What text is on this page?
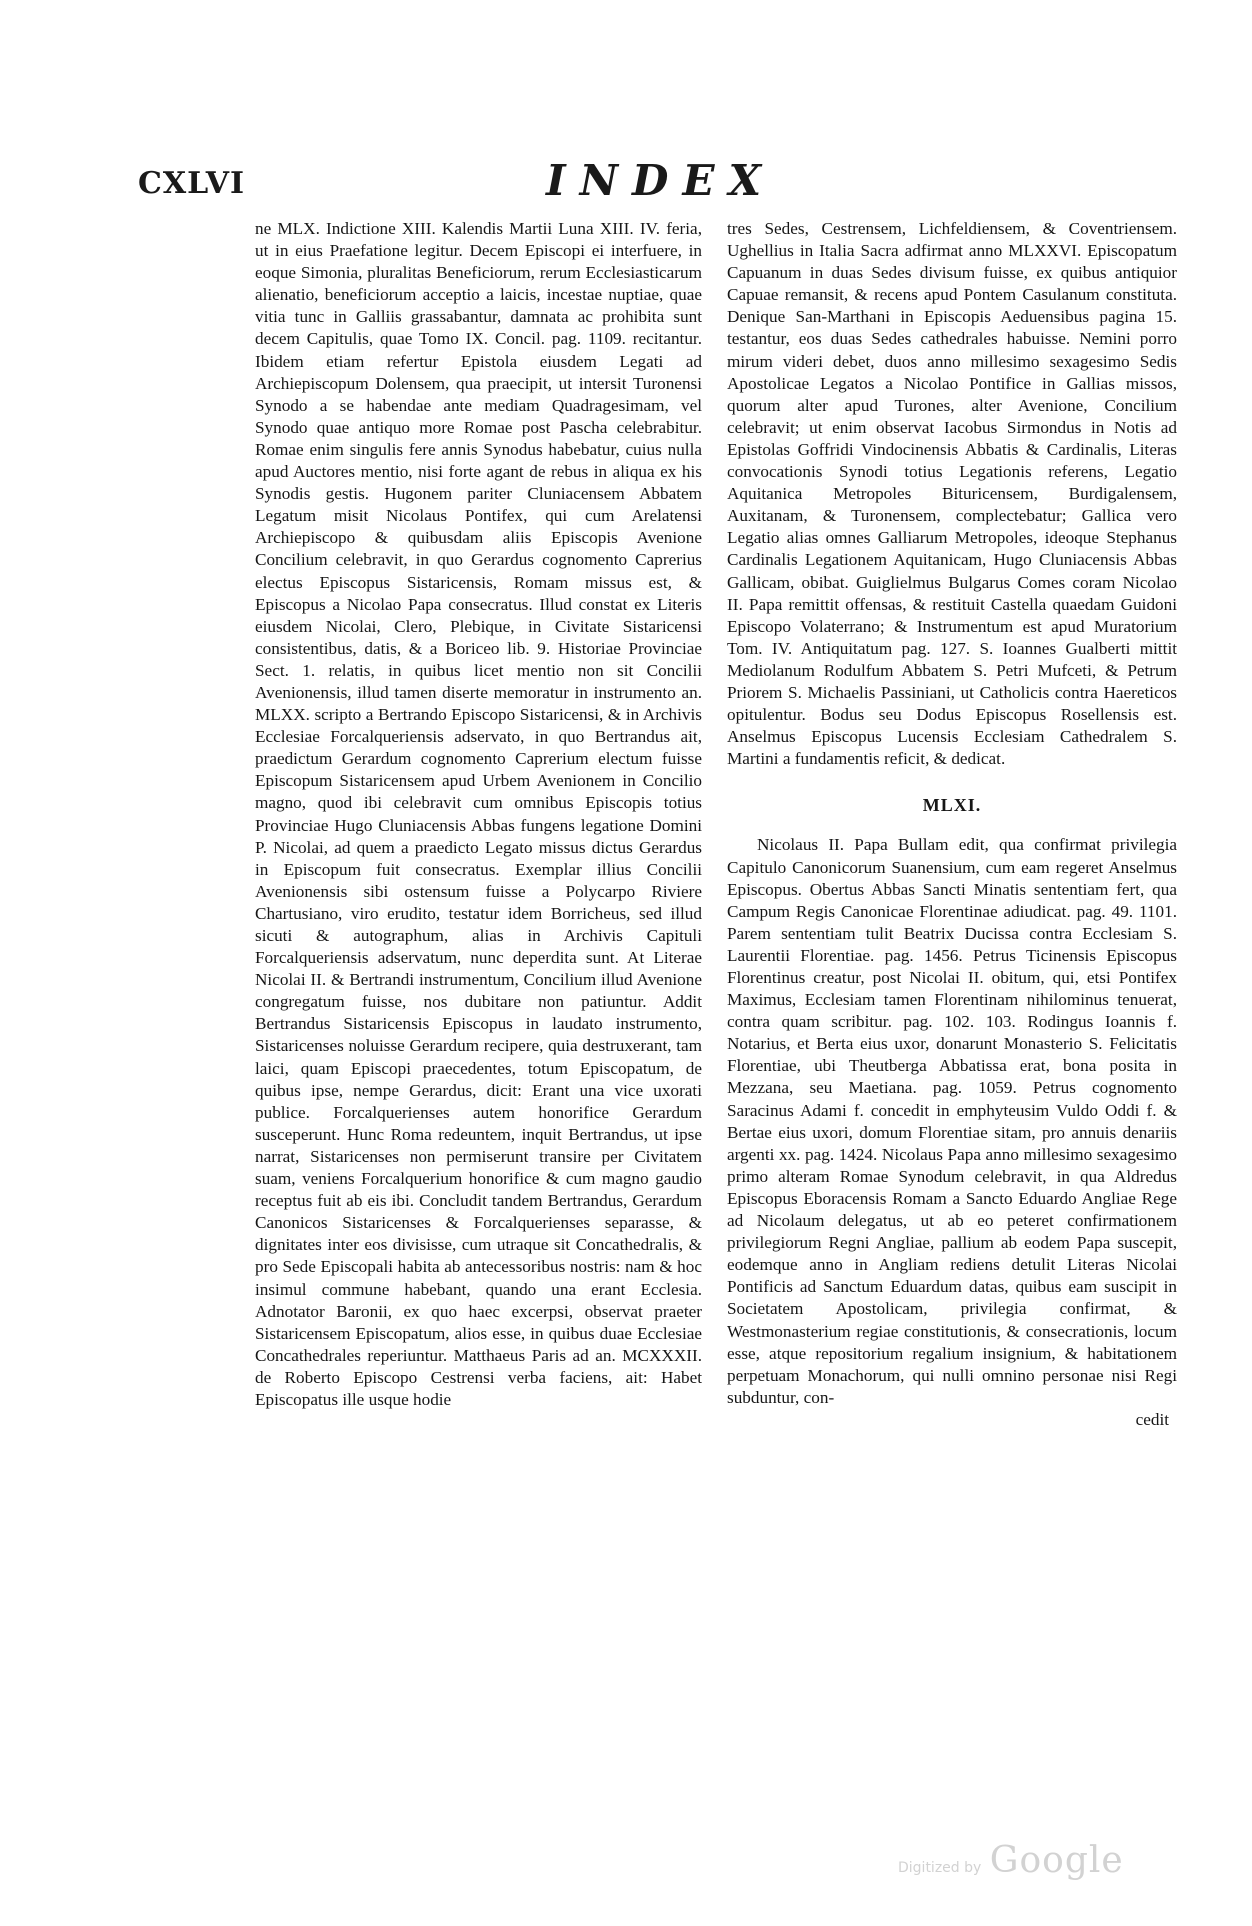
CXLVI	INDEX

ne MLX. Indictione XIII. Kalendis Martii Luna XIII. IV. feria, ut in eius Praefatione legitur. Decem Episcopi ei interfuere, in eoque Simonia, pluralitas Beneficiorum, rerum Ecclesiasticarum alienatio, beneficiorum acceptio a laicis, incestae nuptiae, quae vitia tunc in Galliis grassabantur, damnata ac prohibita sunt decem Capitulis, quae Tomo IX. Concil. pag. 1109. recitantur. Ibidem etiam refertur Epistola eiusdem Legati ad Archiepiscopum Dolensem, qua praecipit, ut intersit Turonensi Synodo a se habendae ante mediam Quadragesimam, vel Synodo quae antiquo more Romae post Pascha celebrabitur. Romae enim singulis fere annis Synodus habebatur, cuius nulla apud Auctores mentio, nisi forte agant de rebus in aliqua ex his Synodis gestis. Hugonem pariter Cluniacensem Abbatem Legatum misit Nicolaus Pontifex, qui cum Arelatensi Archiepiscopo & quibusdam aliis Episcopis Avenione Concilium celebravit, in quo Gerardus cognomento Caprerius electus Episcopus Sistaricensis, Romam missus est, & Episcopus a Nicolao Papa consecratus. Illud constat ex Literis eiusdem Nicolai, Clero, Plebique, in Civitate Sistaricensi consistentibus, datis, & a Boriceo lib. 9. Historiae Provinciae Sect. 1. relatis, in quibus licet mentio non sit Concilii Avenionensis, illud tamen diserte memoratur in instrumento an. MLXX. scripto a Bertrando Episcopo Sistaricensi, & in Archivis Ecclesiae Forcalqueriensis adservato, in quo Bertrandus ait, praedictum Gerardum cognomento Caprerium electum fuisse Episcopum Sistaricensem apud Urbem Avenionem in Concilio magno, quod ibi celebravit cum omnibus Episcopis totius Provinciae Hugo Cluniacensis Abbas fungens legatione Domini P. Nicolai, ad quem a praedicto Legato missus dictus Gerardus in Episcopum fuit consecratus. Exemplar illius Concilii Avenionensis sibi ostensum fuisse a Polycarpo Riviere Chartusiano, viro erudito, testatur idem Borricheus, sed illud sicuti & autographum, alias in Archivis Capituli Forcalqueriensis adservatum, nunc deperdita sunt. At Literae Nicolai II. & Bertrandi instrumentum, Concilium illud Avenione congregatum fuisse, nos dubitare non patiuntur. Addit Bertrandus Sistaricensis Episcopus in laudato instrumento, Sistaricenses noluisse Gerardum recipere, quia destruxerant, tam laici, quam Episcopi praecedentes, totum Episcopatum, de quibus ipse, nempe Gerardus, dicit: Erant una vice uxorati publice. Forcalquerienses autem honorifice Gerardum susceperunt. Hunc Roma redeuntem, inquit Bertrandus, ut ipse narrat, Sistaricenses non permiserunt transire per Civitatem suam, veniens Forcalquerium honorifice & cum magno gaudio receptus fuit ab eis ibi. Concludit tandem Bertrandus, Gerardum Canonicos Sistaricenses & Forcalquerienses separasse, & dignitates inter eos divisisse, cum utraque sit Concathedralis, & pro Sede Episcopali habita ab antecessoribus nostris: nam & hoc insimul commune habebant, quando una erant Ecclesia. Adnotator Baronii, ex quo haec excerpsi, observat praeter Sistaricensem Episcopatum, alios esse, in quibus duae Ecclesiae Concathedrales reperiuntur. Matthaeus Paris ad an. MCXXXII. de Roberto Episcopo Cestrensi verba faciens, ait: Habet Episcopatus ille usque hodie

tres Sedes, Cestrensem, Lichfeldiensem, & Coventriensem. Ughellius in Italia Sacra adfirmat anno MLXXVI. Episcopatum Capuanum in duas Sedes divisum fuisse, ex quibus antiquior Capuae remansit, & recens apud Pontem Casulanum constituta. Denique San-Marthani in Episcopis Aeduensibus pagina 15. testantur, eos duas Sedes cathedrales habuisse. Nemini porro mirum videri debet, duos anno millesimo sexagesimo Sedis Apostolicae Legatos a Nicolao Pontifice in Gallias missos, quorum alter apud Turones, alter Avenione, Concilium celebravit; ut enim observat Iacobus Sirmondus in Notis ad Epistolas Goffridi Vindocinensis Abbatis & Cardinalis, Literas convocationis Synodi totius Legationis referens, Legatio Aquitanica Metropoles Bituricensem, Burdigalensem, Auxitanam, & Turonensem, complectebatur; Gallica vero Legatio alias omnes Galliarum Metropoles, ideoque Stephanus Cardinalis Legationem Aquitanicam, Hugo Cluniacensis Abbas Gallicam, obibat. Guiglielmus Bulgarus Comes coram Nicolao II. Papa remittit offensas, & restituit Castella quaedam Guidoni Episcopo Volaterrano; & Instrumentum est apud Muratorium Tom. IV. Antiquitatum pag. 127. S. Ioannes Gualberti mittit Mediolanum Rodulfum Abbatem S. Petri Mufceti, & Petrum Priorem S. Michaelis Passiniani, ut Catholicis contra Haereticos opitulentur. Bodus seu Dodus Episcopus Rosellensis est. Anselmus Episcopus Lucensis Ecclesiam Cathedralem S. Martini a fundamentis reficit, & dedicat.

MLXI.

Nicolaus II. Papa Bullam edit, qua confirmat privilegia Capitulo Canonicorum Suanensium, cum eam regeret Anselmus Episcopus. Obertus Abbas Sancti Minatis sententiam fert, qua Campum Regis Canonicae Florentinae adiudicat. pag. 49. 1101. Parem sententiam tulit Beatrix Ducissa contra Ecclesiam S. Laurentii Florentiae. pag. 1456. Petrus Ticinensis Episcopus Florentinus creatur, post Nicolai II. obitum, qui, etsi Pontifex Maximus, Ecclesiam tamen Florentinam nihilominus tenuerat, contra quam scribitur. pag. 102. 103. Rodingus Ioannis f. Notarius, et Berta eius uxor, donarunt Monasterio S. Felicitatis Florentiae, ubi Theutberga Abbatissa erat, bona posita in Mezzana, seu Maetiana. pag. 1059. Petrus cognomento Saracinus Adami f. concedit in emphyteusim Vuldo Oddi f. & Bertae eius uxori, domum Florentiae sitam, pro annuis denariis argenti xx. pag. 1424. Nicolaus Papa anno millesimo sexagesimo primo alteram Romae Synodum celebravit, in qua Aldredus Episcopus Eboracensis Romam a Sancto Eduardo Angliae Rege ad Nicolaum delegatus, ut ab eo peteret confirmationem privilegiorum Regni Angliae, pallium ab eodem Papa suscepit, eodemque anno in Angliam rediens detulit Literas Nicolai Pontificis ad Sanctum Eduardum datas, quibus eam suscipit in Societatem Apostolicam, privilegia confirmat, & Westmonasterium regiae constitutionis, & consecrationis, locum esse, atque repositorium regalium insignium, & habitationem perpetuam Monachorum, qui nulli omnino personae nisi Regi subduntur, con-

cedit
Digitized by Google
